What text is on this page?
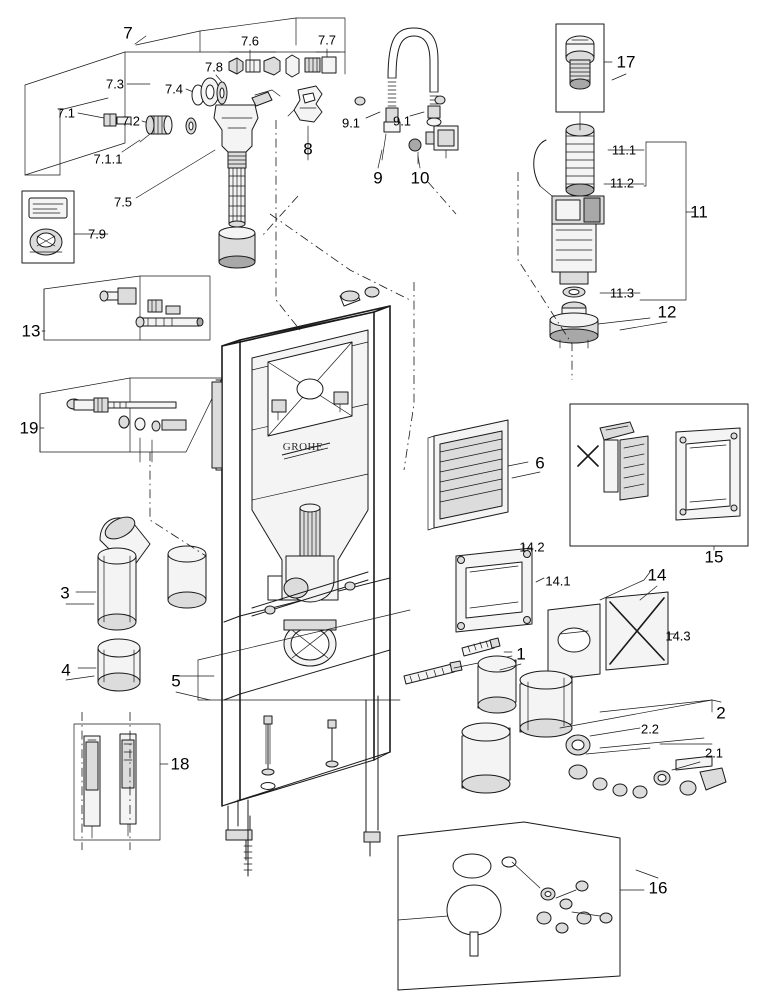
GROHE
7	7.6	7.7
7.8
7.3	7.4
7.1
7.2
7.1.1
7.5
7.9
8
9
9.1	9.1
10
17
11
11.1
11.2
11.3
12
13
19
3
4
5
18
6
15
14
14.1
14.2
14.3
1
2
2.2
2.1
16
